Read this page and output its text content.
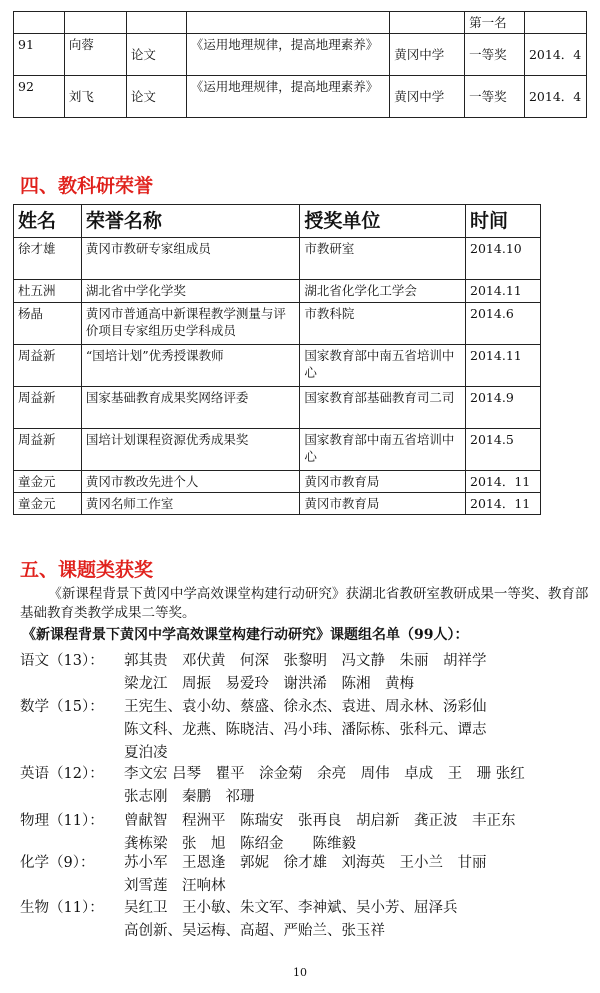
					第一名	
91	向蓉	论文	《运用地理规律，提高地理素养》	黄冈中学	一等奖	2014．4
92	刘飞	论文	《运用地理规律，提高地理素养》	黄冈中学	一等奖	2014．4
四、教科研荣誉
姓名	荣誉名称	授奖单位	时间
徐才雄	黄冈市教研专家组成员	市教研室	2014.10
杜五洲	湖北省中学化学奖	湖北省化学化工学会	2014.11
杨晶	黄冈市普通高中新课程教学测量与评价项目专家组历史学科成员	市教科院	2014.6
周益新	“国培计划”优秀授课教师	国家教育部中南五省培训中心	2014.11
周益新	国家基础教育成果奖网络评委	国家教育部基础教育司二司	2014.9
周益新	国培计划课程资源优秀成果奖	国家教育部中南五省培训中心	2014.5
童金元	黄冈市教改先进个人	黄冈市教育局	2014．11
童金元	黄冈名师工作室	黄冈市教育局	2014．11
五、课题类获奖
《新课程背景下黄冈中学高效课堂构建行动研究》获湖北省教研室教研成果一等奖、教育部基础教育类教学成果二等奖。
《新课程背景下黄冈中学高效课堂构建行动研究》课题组名单（99人）：
语文（13）：	郭其贵　邓伏黄　何深　张黎明　冯文静　朱丽　胡祥学
梁龙江　周振　易爱玲　谢洪浠　陈湘　黄梅
数学（15）：	王宪生、袁小幼、蔡盛、徐永杰、袁进、周永林、汤彩仙
陈文科、龙燕、陈晓洁、冯小玮、潘际栋、张科元、谭志
夏泊凌
英语（12）：	李文宏 吕琴　瞿平　涂金菊　余亮　周伟　卓成　王　珊 张红
张志刚　秦鹏　祁珊
物理（11）：	曾献智　程洲平　陈瑞安　张再良　胡启新　龚正波　丰正东
龚栋梁　张　旭　陈绍金　　陈维毅
化学（9）：	苏小军　王恩逢　郭妮　徐才雄　刘海英　王小兰　甘丽
刘雪莲　汪响林
生物（11）：	吴红卫　王小敏、朱文军、李神斌、吴小芳、屈泽兵
高创新、吴运梅、高超、严贻兰、张玉祥
10
